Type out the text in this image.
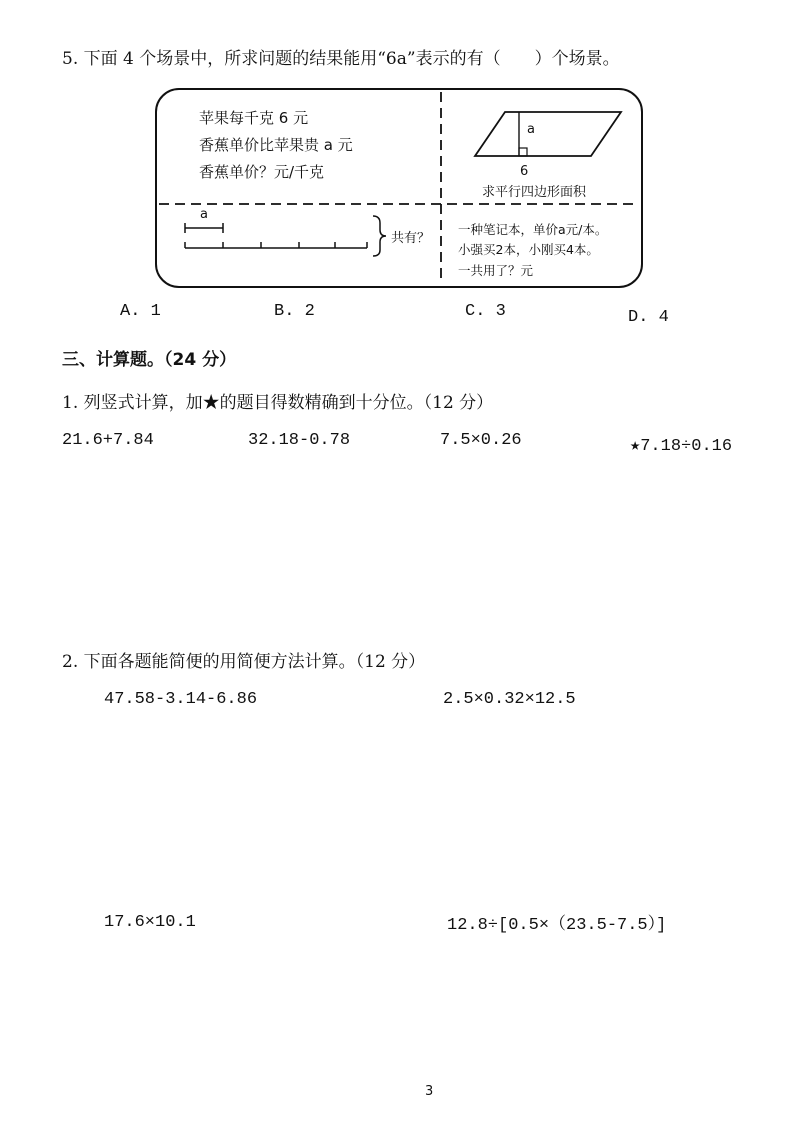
5. 下面 4 个场景中，所求问题的结果能用“6a”表示的有（　　）个场景。
苹果每千克 6 元
香蕉单价比苹果贵 a 元
香蕉单价？元/千克
a
6
求平行四边形面积
a
共有？
一种笔记本，单价a元/本。
小强买2本，小刚买4本。
一共用了？元
A. 1	B. 2	C. 3	D. 4
三、计算题。（24 分）
1. 列竖式计算，加★的题目得数精确到十分位。（12 分）
21.6+7.84	32.18-0.78	7.5×0.26	★7.18÷0.16
2. 下面各题能简便的用简便方法计算。（12 分）
47.58-3.14-6.86	2.5×0.32×12.5
17.6×10.1	12.8÷[0.5×（23.5-7.5）]
3
